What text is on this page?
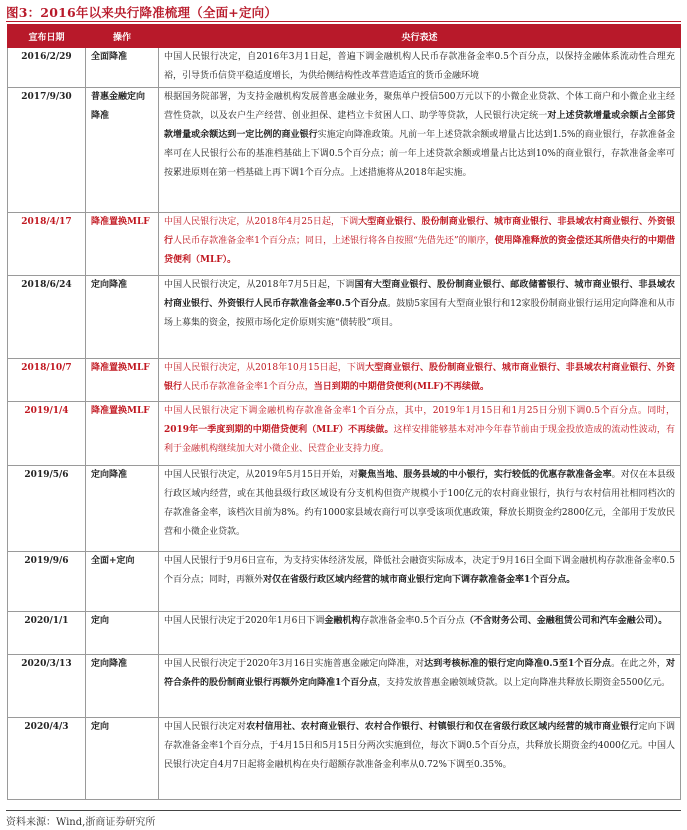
图3：2016年以来央行降准梳理（全面+定向）
宣布日期	操作	央行表述
2016/2/29	全面降准	中国人民银行决定，自2016年3月1日起，普遍下调金融机构人民币存款准备金率0.5个百分点，以保持金融体系流动性合理充裕，引导货币信贷平稳适度增长，为供给侧结构性改革营造适宜的货币金融环境
2017/9/30	普惠金融定向降准	根据国务院部署，为支持金融机构发展普惠金融业务，聚焦单户授信500万元以下的小微企业贷款、个体工商户和小微企业主经营性贷款，以及农户生产经营、创业担保、建档立卡贫困人口、助学等贷款，人民银行决定统一对上述贷款增量或余额占全部贷款增量或余额达到一定比例的商业银行实施定向降准政策。凡前一年上述贷款余额或增量占比达到1.5%的商业银行，存款准备金率可在人民银行公布的基准档基础上下调0.5个百分点；前一年上述贷款余额或增量占比达到10%的商业银行，存款准备金率可按累进原则在第一档基础上再下调1个百分点。上述措施将从2018年起实施。
2018/4/17	降准置换MLF	中国人民银行决定，从2018年4月25日起，下调大型商业银行、股份制商业银行、城市商业银行、非县域农村商业银行、外资银行人民币存款准备金率1个百分点；同日，上述银行将各自按照“先借先还”的顺序，使用降准释放的资金偿还其所借央行的中期借贷便利（MLF）。
2018/6/24	定向降准	中国人民银行决定，从2018年7月5日起，下调国有大型商业银行、股份制商业银行、邮政储蓄银行、城市商业银行、非县域农村商业银行、外资银行人民币存款准备金率0.5个百分点。鼓励5家国有大型商业银行和12家股份制商业银行运用定向降准和从市场上募集的资金，按照市场化定价原则实施“债转股”项目。
2018/10/7	降准置换MLF	中国人民银行决定，从2018年10月15日起，下调大型商业银行、股份制商业银行、城市商业银行、非县域农村商业银行、外资银行人民币存款准备金率1个百分点，当日到期的中期借贷便利(MLF)不再续做。
2019/1/4	降准置换MLF	中国人民银行决定下调金融机构存款准备金率1个百分点，其中，2019年1月15日和1月25日分别下调0.5个百分点。同时，2019年一季度到期的中期借贷便利（MLF）不再续做。这样安排能够基本对冲今年春节前由于现金投放造成的流动性波动，有利于金融机构继续加大对小微企业、民营企业支持力度。
2019/5/6	定向降准	中国人民银行决定，从2019年5月15日开始，对聚焦当地、服务县域的中小银行，实行较低的优惠存款准备金率。对仅在本县级行政区域内经营，或在其他县级行政区域设有分支机构但资产规模小于100亿元的农村商业银行，执行与农村信用社相同档次的存款准备金率，该档次目前为8%。约有1000家县域农商行可以享受该项优惠政策，释放长期资金约2800亿元，全部用于发放民营和小微企业贷款。
2019/9/6	全面+定向	中国人民银行于9月6日宣布，为支持实体经济发展，降低社会融资实际成本，决定于9月16日全面下调金融机构存款准备金率0.5个百分点；同时，再额外对仅在省级行政区域内经营的城市商业银行定向下调存款准备金率1个百分点。
2020/1/1	定向	中国人民银行决定于2020年1月6日下调金融机构存款准备金率0.5个百分点（不含财务公司、金融租赁公司和汽车金融公司）。
2020/3/13	定向降准	中国人民银行决定于2020年3月16日实施普惠金融定向降准，对达到考核标准的银行定向降准0.5至1个百分点。在此之外，对符合条件的股份制商业银行再额外定向降准1个百分点，支持发放普惠金融领域贷款。以上定向降准共释放长期资金5500亿元。
2020/4/3	定向	中国人民银行决定对农村信用社、农村商业银行、农村合作银行、村镇银行和仅在省级行政区域内经营的城市商业银行定向下调存款准备金率1个百分点，于4月15日和5月15日分两次实施到位，每次下调0.5个百分点，共释放长期资金约4000亿元。中国人民银行决定自4月7日起将金融机构在央行超额存款准备金利率从0.72%下调至0.35%。
资料来源：Wind,浙商证券研究所
